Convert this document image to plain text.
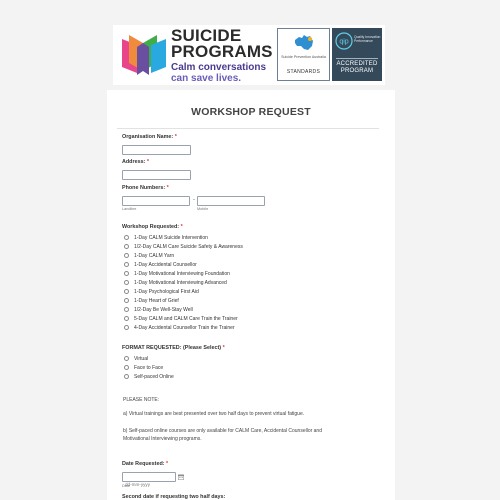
SUICIDE
PROGRAMS
Calm conversations
can save lives.
Suicide Prevention Australia
STANDARDS
qip
Quality Innovation Performance
ACCREDITED
PROGRAM
WORKSHOP REQUEST
Organisation Name: *
Address: *
Phone Numbers: *
-
Landline	Mobile
Workshop Requested: *
1-Day CALM Suicide Intervention
1/2-Day CALM Care Suicide Safety & Awareness
1-Day CALM Yarn
1-Day Accidental Counsellor
1-Day Motivational Interviewing Foundation
1-Day Motivational Interviewing Advanced
1-Day Psychological First Aid
1-Day Heart of Grief
1/2-Day Be Well-Stay Well
5-Day CALM and CALM Care Train the Trainer
4-Day Accidental Counsellor Train the Trainer
FORMAT REQUESTED: (Please Select) *
Virtual
Face to Face
Self-paced Online
PLEASE NOTE:
a) Virtual trainings are best presented over two half days to prevent virtual fatigue.
b) Self-paced online courses are only available for CALM Care, Accidental Counsellor and
Motivational Interviewing programs.
Date Requested: *
dd-mm-yyyy
Date
Second date if requesting two half days:
